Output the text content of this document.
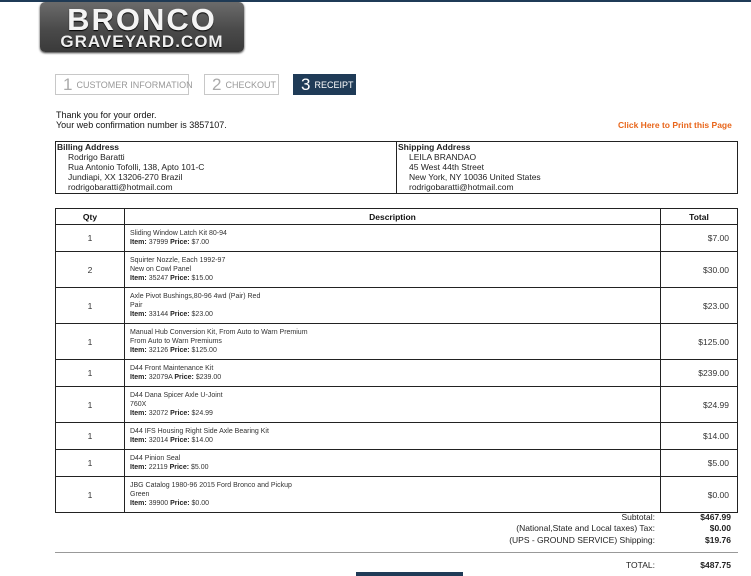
BRONCO
GRAVEYARD.COM
1 CUSTOMER INFORMATION	2 CHECKOUT	3 RECEIPT
Thank you for your order.
Your web confirmation number is 3857107.	Click Here to Print this Page
Billing Address
Rodrigo Baratti
Rua Antonio Tofolli, 138, Apto 101-C
Jundiapi, XX 13206-270 Brazil
rodrigobaratti@hotmail.com
Shipping Address
LEILA BRANDAO
45 West 44th Street
New York, NY 10036 United States
rodrigobaratti@hotmail.com
Qty	Description	Total
1	Sliding Window Latch Kit 80-94
Item: 37999 Price: $7.00	$7.00
2	Squirter Nozzle, Each 1992-97
New on Cowl Panel
Item: 35247 Price: $15.00	$30.00
1	Axle Pivot Bushings,80-96 4wd (Pair) Red
Pair
Item: 33144 Price: $23.00	$23.00
1	Manual Hub Conversion Kit, From Auto to Warn Premium
From Auto to Warn Premiums
Item: 32126 Price: $125.00	$125.00
1	D44 Front Maintenance Kit
Item: 32079A Price: $239.00	$239.00
1	D44 Dana Spicer Axle U-Joint
760X
Item: 32072 Price: $24.99	$24.99
1	D44 IFS Housing Right Side Axle Bearing Kit
Item: 32014 Price: $14.00	$14.00
1	D44 Pinion Seal
Item: 22119 Price: $5.00	$5.00
1	JBG Catalog 1980-96 2015 Ford Bronco and Pickup
Green
Item: 39900 Price: $0.00	$0.00
Subtotal:	$467.99
(National,State and Local taxes) Tax:	$0.00
(UPS - GROUND SERVICE) Shipping:	$19.76
TOTAL:	$487.75
